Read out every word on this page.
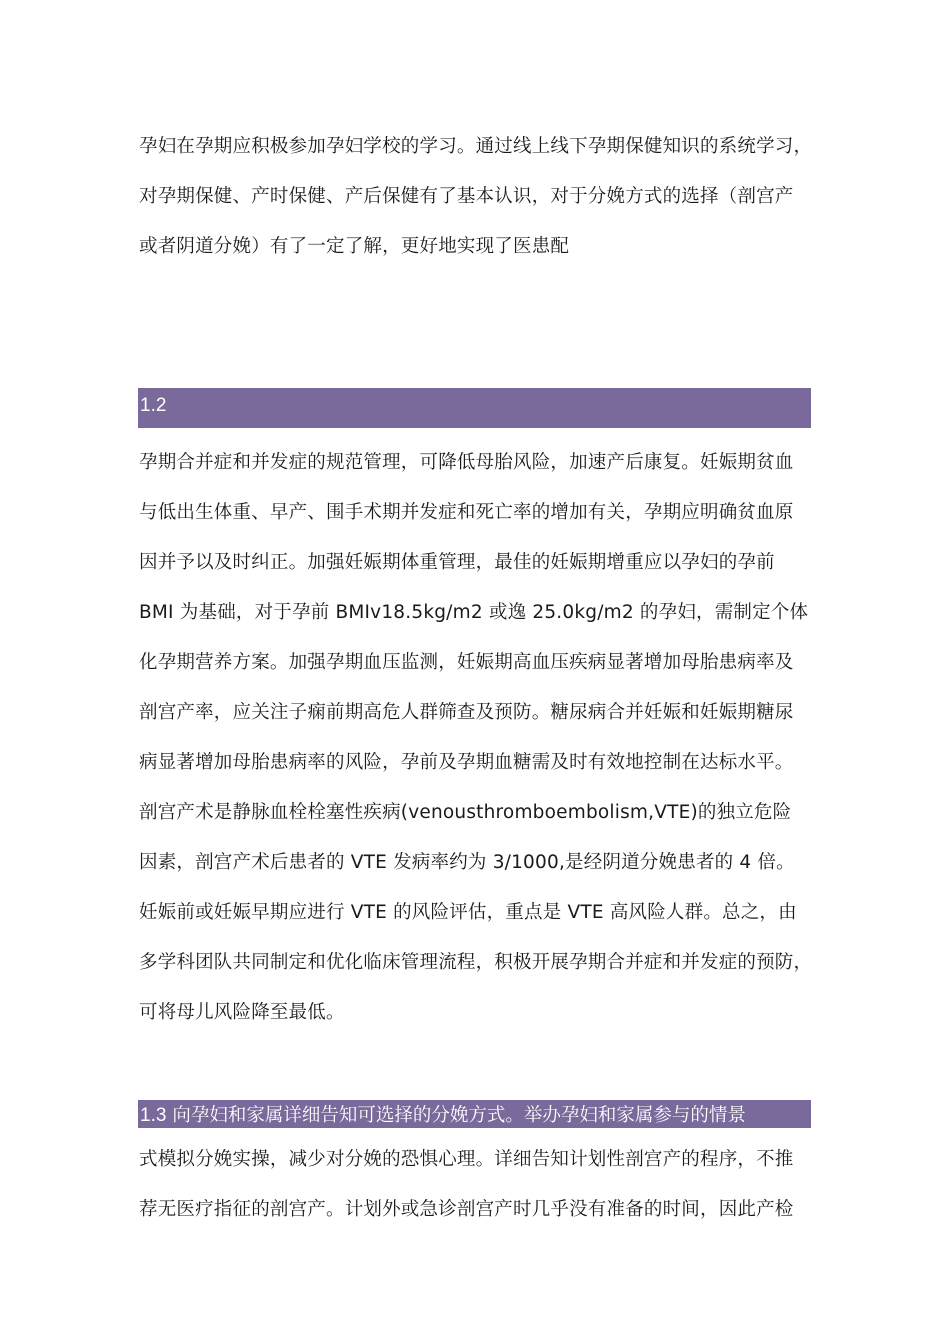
孕妇在孕期应积极参加孕妇学校的学习。通过线上线下孕期保健知识的系统学习，
对孕期保健、产时保健、产后保健有了基本认识，对于分娩方式的选择（剖宫产
或者阴道分娩）有了一定了解，更好地实现了医患配
1.2
孕期合并症和并发症的规范管理，可降低母胎风险，加速产后康复。妊娠期贫血
与低出生体重、早产、围手术期并发症和死亡率的增加有关，孕期应明确贫血原
因并予以及时纠正。加强妊娠期体重管理，最佳的妊娠期增重应以孕妇的孕前
BMI 为基础，对于孕前 BMIv18.5kg/m2 或逸 25.0kg/m2 的孕妇，需制定个体
化孕期营养方案。加强孕期血压监测，妊娠期高血压疾病显著增加母胎患病率及
剖宫产率，应关注子痫前期高危人群筛查及预防。糖尿病合并妊娠和妊娠期糖尿
病显著增加母胎患病率的风险，孕前及孕期血糖需及时有效地控制在达标水平。
剖宫产术是静脉血栓栓塞性疾病(venousthromboembolism,VTE)的独立危险
因素，剖宫产术后患者的 VTE 发病率约为 3/1000,是经阴道分娩患者的 4 倍。
妊娠前或妊娠早期应进行 VTE 的风险评估，重点是 VTE 高风险人群。总之，由
多学科团队共同制定和优化临床管理流程，积极开展孕期合并症和并发症的预防，
可将母儿风险降至最低。
1.3 向孕妇和家属详细告知可选择的分娩方式。举办孕妇和家属参与的情景
式模拟分娩实操，减少对分娩的恐惧心理。详细告知计划性剖宫产的程序，不推
荐无医疗指征的剖宫产。计划外或急诊剖宫产时几乎没有准备的时间，因此产检
